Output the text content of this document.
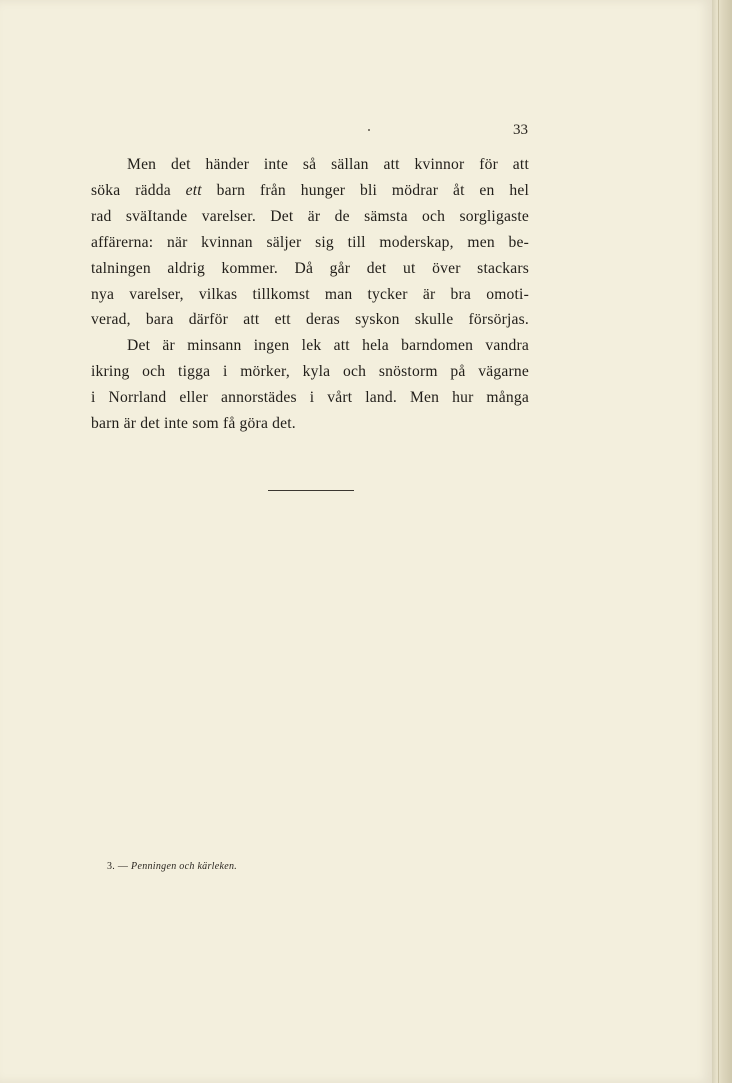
33
Men det händer inte så sällan att kvinnor för att
söka rädda ett barn från hunger bli mödrar åt en hel
rad sväItande varelser. Det är de sämsta och sorgligaste
affärerna: när kvinnan säljer sig till moderskap, men be-
talningen aldrig kommer. Då går det ut över stackars
nya varelser, vilkas tillkomst man tycker är bra omoti-
verad, bara därför att ett deras syskon skulle försörjas.
Det är minsann ingen lek att hela barndomen vandra
ikring och tigga i mörker, kyla och snöstorm på vägarne
i Norrland eller annorstädes i vårt land. Men hur många
barn är det inte som få göra det.
3. — Penningen och kärleken.
